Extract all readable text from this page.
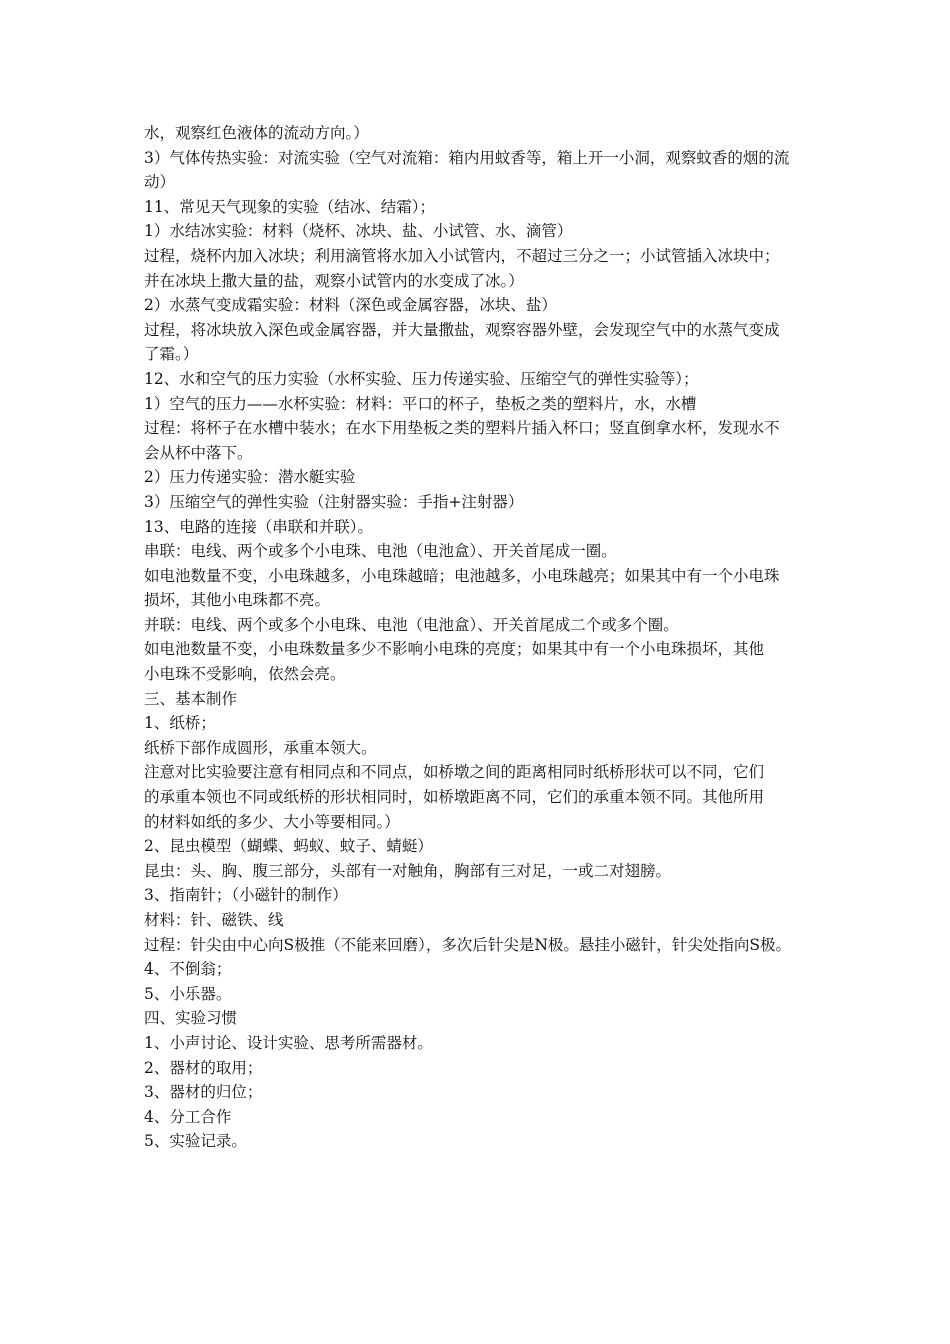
水，观察红色液体的流动方向。）
3）气体传热实验：对流实验（空气对流箱：箱内用蚊香等，箱上开一小洞，观察蚊香的烟的流
动）
11、常见天气现象的实验（结冰、结霜）；
1）水结冰实验：材料（烧杯、冰块、盐、小试管、水、滴管）
过程，烧杯内加入冰块；利用滴管将水加入小试管内，不超过三分之一；小试管插入冰块中；
并在冰块上撒大量的盐，观察小试管内的水变成了冰。）
2）水蒸气变成霜实验：材料（深色或金属容器，冰块、盐）
过程，将冰块放入深色或金属容器，并大量撒盐，观察容器外壁，会发现空气中的水蒸气变成
了霜。）
12、水和空气的压力实验（水杯实验、压力传递实验、压缩空气的弹性实验等）；
1）空气的压力——水杯实验：材料：平口的杯子，垫板之类的塑料片，水，水槽
过程：将杯子在水槽中装水；在水下用垫板之类的塑料片插入杯口；竖直倒拿水杯，发现水不
会从杯中落下。
2）压力传递实验：潜水艇实验
3）压缩空气的弹性实验（注射器实验：手指+注射器）
13、电路的连接（串联和并联）。
串联：电线、两个或多个小电珠、电池（电池盒）、开关首尾成一圈。
如电池数量不变，小电珠越多，小电珠越暗；电池越多，小电珠越亮；如果其中有一个小电珠
损坏，其他小电珠都不亮。
并联：电线、两个或多个小电珠、电池（电池盒）、开关首尾成二个或多个圈。
如电池数量不变，小电珠数量多少不影响小电珠的亮度；如果其中有一个小电珠损坏，其他
小电珠不受影响，依然会亮。
三、基本制作
1、纸桥；
纸桥下部作成圆形，承重本领大。
注意对比实验要注意有相同点和不同点，如桥墩之间的距离相同时纸桥形状可以不同，它们
的承重本领也不同或纸桥的形状相同时，如桥墩距离不同，它们的承重本领不同。其他所用
的材料如纸的多少、大小等要相同。）
2、昆虫模型（蝴蝶、蚂蚁、蚊子、蜻蜓）
昆虫：头、胸、腹三部分，头部有一对触角，胸部有三对足，一或二对翅膀。
3、指南针；（小磁针的制作）
材料：针、磁铁、线
过程：针尖由中心向S极推（不能来回磨），多次后针尖是N极。悬挂小磁针，针尖处指向S极。
4、不倒翁；
5、小乐器。
四、实验习惯
1、小声讨论、设计实验、思考所需器材。
2、器材的取用；
3、器材的归位；
4、分工合作
5、实验记录。
